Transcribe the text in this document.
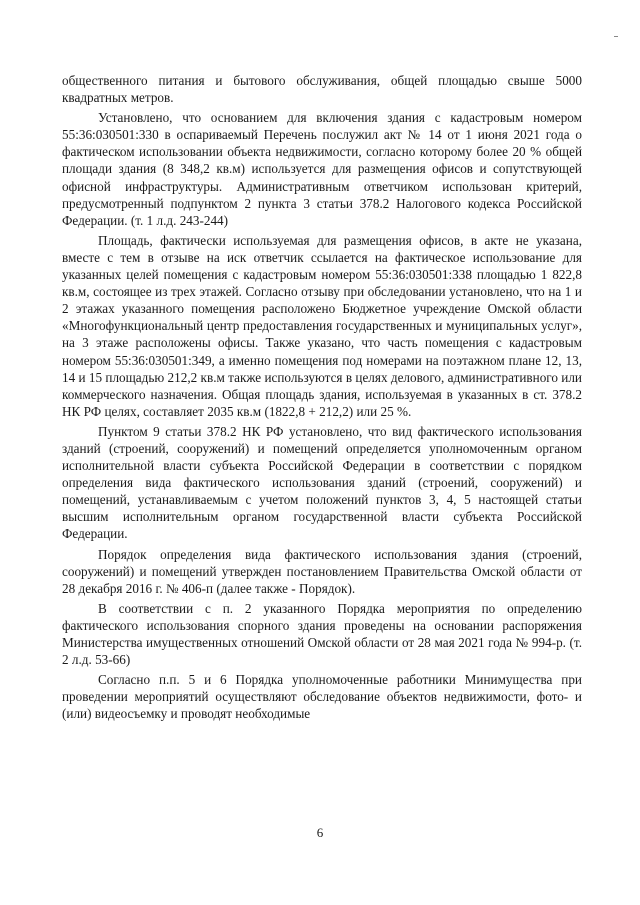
общественного питания и бытового обслуживания, общей площадью свыше 5000 квадратных метров.

Установлено, что основанием для включения здания с кадастровым номером 55:36:030501:330 в оспариваемый Перечень послужил акт № 14 от 1 июня 2021 года о фактическом использовании объекта недвижимости, согласно которому более 20 % общей площади здания (8 348,2 кв.м) используется для размещения офисов и сопутствующей офисной инфраструктуры. Административным ответчиком использован критерий, предусмотренный подпунктом 2 пункта 3 статьи 378.2 Налогового кодекса Российской Федерации. (т. 1 л.д. 243-244)

Площадь, фактически используемая для размещения офисов, в акте не указана, вместе с тем в отзыве на иск ответчик ссылается на фактическое использование для указанных целей помещения с кадастровым номером 55:36:030501:338 площадью 1 822,8 кв.м, состоящее из трех этажей. Согласно отзыву при обследовании установлено, что на 1 и 2 этажах указанного помещения расположено Бюджетное учреждение Омской области «Многофункциональный центр предоставления государственных и муниципальных услуг», на 3 этаже расположены офисы. Также указано, что часть помещения с кадастровым номером 55:36:030501:349, а именно помещения под номерами на поэтажном плане 12, 13, 14 и 15 площадью 212,2 кв.м также используются в целях делового, административного или коммерческого назначения. Общая площадь здания, используемая в указанных в ст. 378.2 НК РФ целях, составляет 2035 кв.м (1822,8 + 212,2) или 25 %.

Пунктом 9 статьи 378.2 НК РФ установлено, что вид фактического использования зданий (строений, сооружений) и помещений определяется уполномоченным органом исполнительной власти субъекта Российской Федерации в соответствии с порядком определения вида фактического использования зданий (строений, сооружений) и помещений, устанавливаемым с учетом положений пунктов 3, 4, 5 настоящей статьи высшим исполнительным органом государственной власти субъекта Российской Федерации.

Порядок определения вида фактического использования здания (строений, сооружений) и помещений утвержден постановлением Правительства Омской области от 28 декабря 2016 г. № 406-п (далее также - Порядок).

В соответствии с п. 2 указанного Порядка мероприятия по определению фактического использования спорного здания проведены на основании распоряжения Министерства имущественных отношений Омской области от 28 мая 2021 года № 994-р. (т. 2 л.д. 53-66)

Согласно п.п. 5 и 6 Порядка уполномоченные работники Минимущества при проведении мероприятий осуществляют обследование объектов недвижимости, фото- и (или) видеосъемку и проводят необходимые

6
